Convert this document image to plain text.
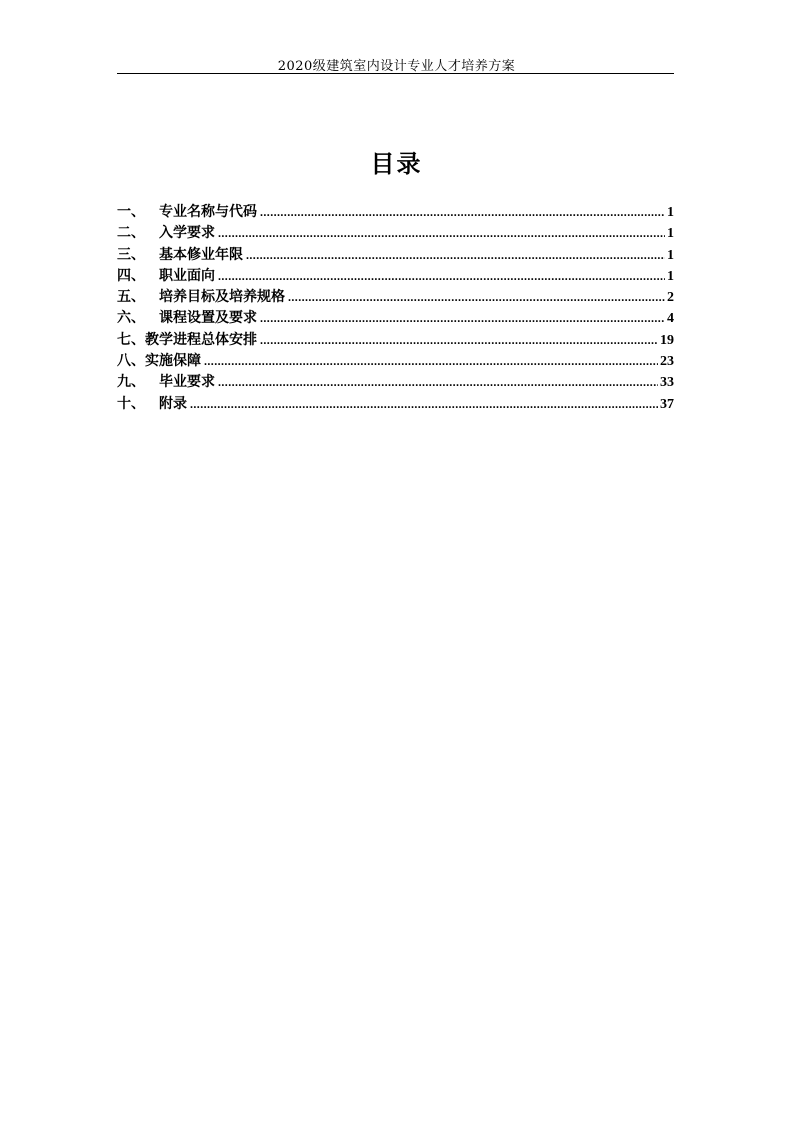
2020级建筑室内设计专业人才培养方案
目录
一、	专业名称与代码 .....	1
二、	入学要求 .....	1
三、	基本修业年限 .....	1
四、	职业面向 .....	1
五、	培养目标及培养规格 .....	2
六、	课程设置及要求 .....	4
七、 教学进程总体安排 .....	19
八、 实施保障 .....	23
九、	毕业要求 .....	33
十、	附录 .....	37
